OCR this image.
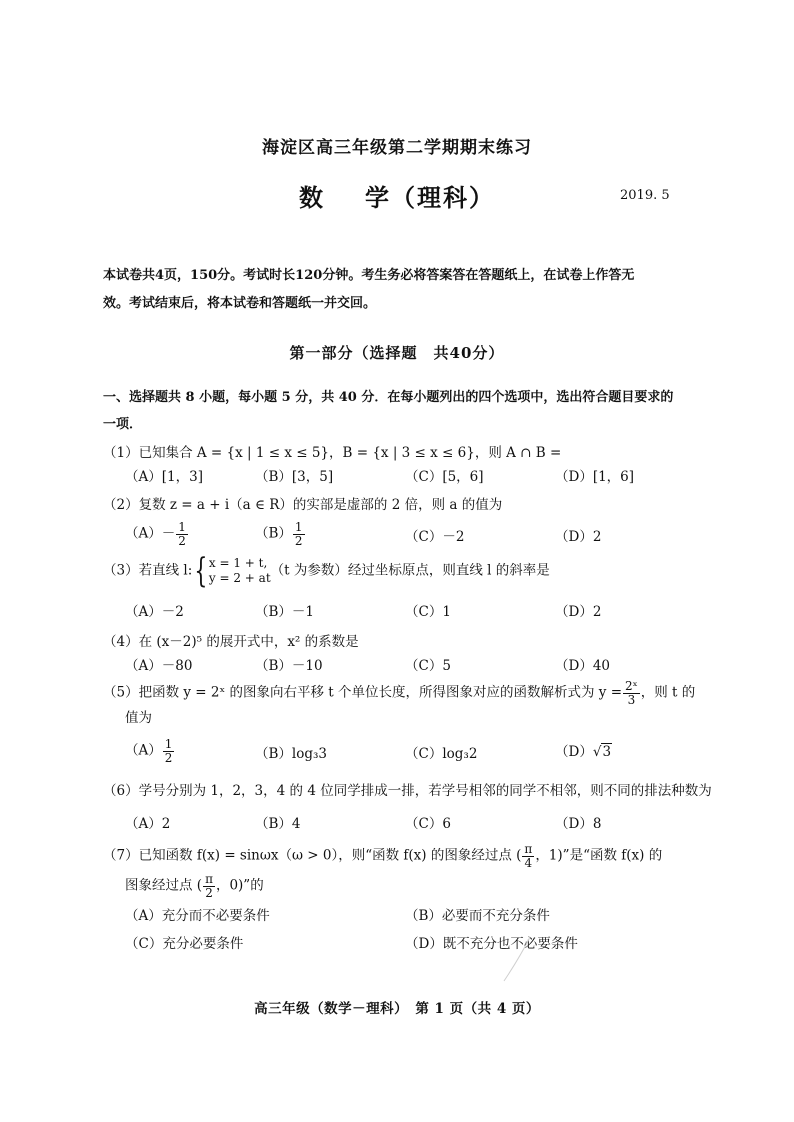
海淀区高三年级第二学期期末练习
数 学（理科）	2019. 5
本试卷共4页，150分。考试时长120分钟。考生务必将答案答在答题纸上，在试卷上作答无
效。考试结束后，将本试卷和答题纸一并交回。
第一部分（选择题　共40分）
一、选择题共 8 小题，每小题 5 分，共 40 分．在每小题列出的四个选项中，选出符合题目要求的
一项．
（1）已知集合 A = {x | 1 ≤ x ≤ 5}，B = {x | 3 ≤ x ≤ 6}，则 A ∩ B =
（A）[1，3]	（B）[3，5]	（C）[5，6]	（D）[1，6]
（2）复数 z = a + i（a ∈ R）的实部是虚部的 2 倍，则 a 的值为
$(A)- \frac{1}{2}$	$(B) \frac{1}{2}$	（C）－2	（D）2
（3）若直线 l:{ x = 1 + t,
y = 2 + at （t 为参数）经过坐标原点，则直线 l 的斜率是
（A）－2	（B）－1	（C）1	（D）2
（4）在 (x－2)⁵ 的展开式中，x² 的系数是
（A）－80	（B）－10	（C）5	（D）40
（5）把函数 y = 2ˣ 的图象向右平移 t 个单位长度，所得图象对应的函数解析式为 $y = \frac{\text{2ˣ}}{3}$ ，则 t 的
值为
$(A) \frac{1}{2}$	（B）log₃3	（C）log₃2	（D）√3
（6）学号分别为 1，2，3，4 的 4 位同学排成一排，若学号相邻的同学不相邻，则不同的排法种数为
（A）2	（B）4	（C）6	（D）8
（7）已知函数 f(x) = sinωx（ω > 0），则“函数 f(x) 的图象经过点 ( $\frac{\pi}{4}$ ，1)”是“函数 f(x) 的
图象经过点 ( $\frac{\pi}{2}$ ，0)”的
（A）充分而不必要条件	（B）必要而不充分条件
（C）充分必要条件	（D）既不充分也不必要条件
高三年级（数学－理科）　第 1 页（共 4 页）
